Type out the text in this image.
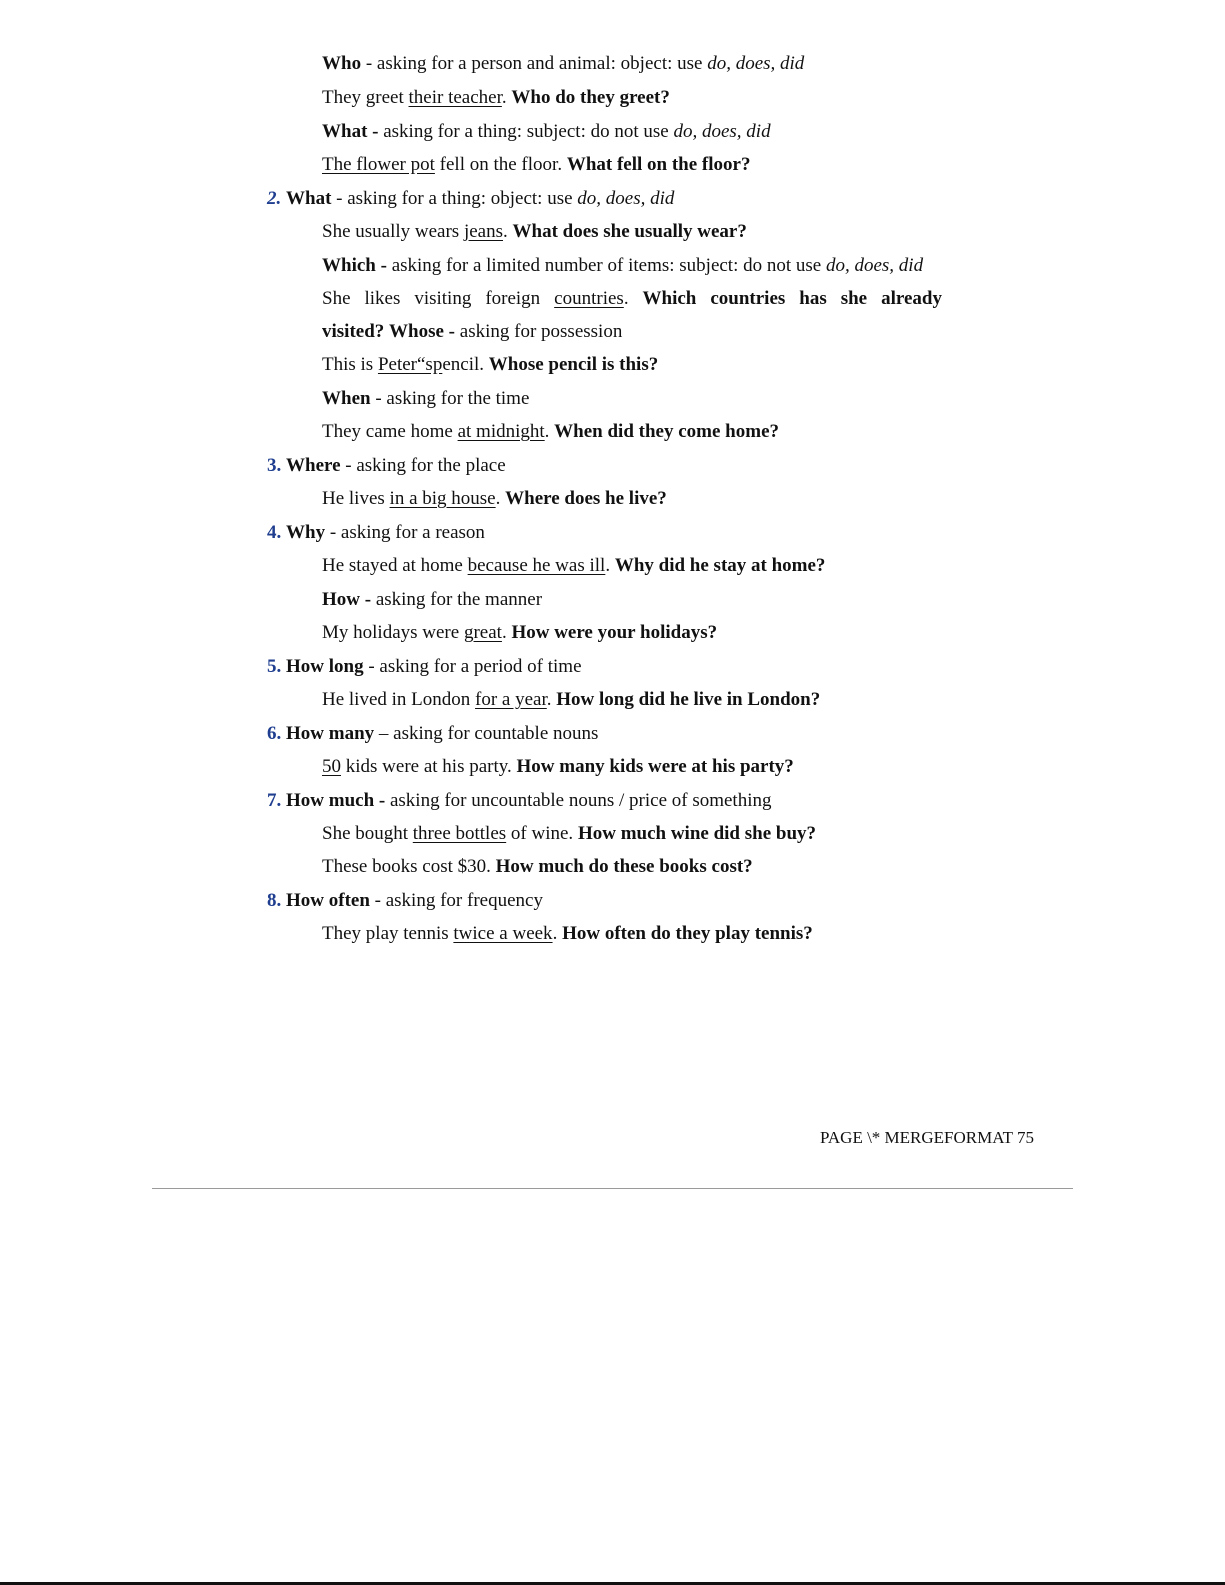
Who - asking for a person and animal: object: use do, does, did
They greet their teacher. Who do they greet?
What - asking for a thing: subject: do not use do, does, did
The flower pot fell on the floor. What fell on the floor?
2. What - asking for a thing: object: use do, does, did
She usually wears jeans. What does she usually wear?
Which - asking for a limited number of items: subject: do not use do, does, did
She likes visiting foreign countries. Which countries has she already
visited? Whose - asking for possession
This is Peter“spencil. Whose pencil is this?
When - asking for the time
They came home at midnight. When did they come home?
3. Where - asking for the place
He lives in a big house. Where does he live?
4. Why - asking for a reason
He stayed at home because he was ill. Why did he stay at home?
How - asking for the manner
My holidays were great. How were your holidays?
5. How long - asking for a period of time
He lived in London for a year. How long did he live in London?
6. How many – asking for countable nouns
50 kids were at his party. How many kids were at his party?
7. How much - asking for uncountable nouns / price of something
She bought three bottles of wine. How much wine did she buy?
These books cost $30. How much do these books cost?
8. How often - asking for frequency
They play tennis twice a week. How often do they play tennis?
PAGE \* MERGEFORMAT 75
